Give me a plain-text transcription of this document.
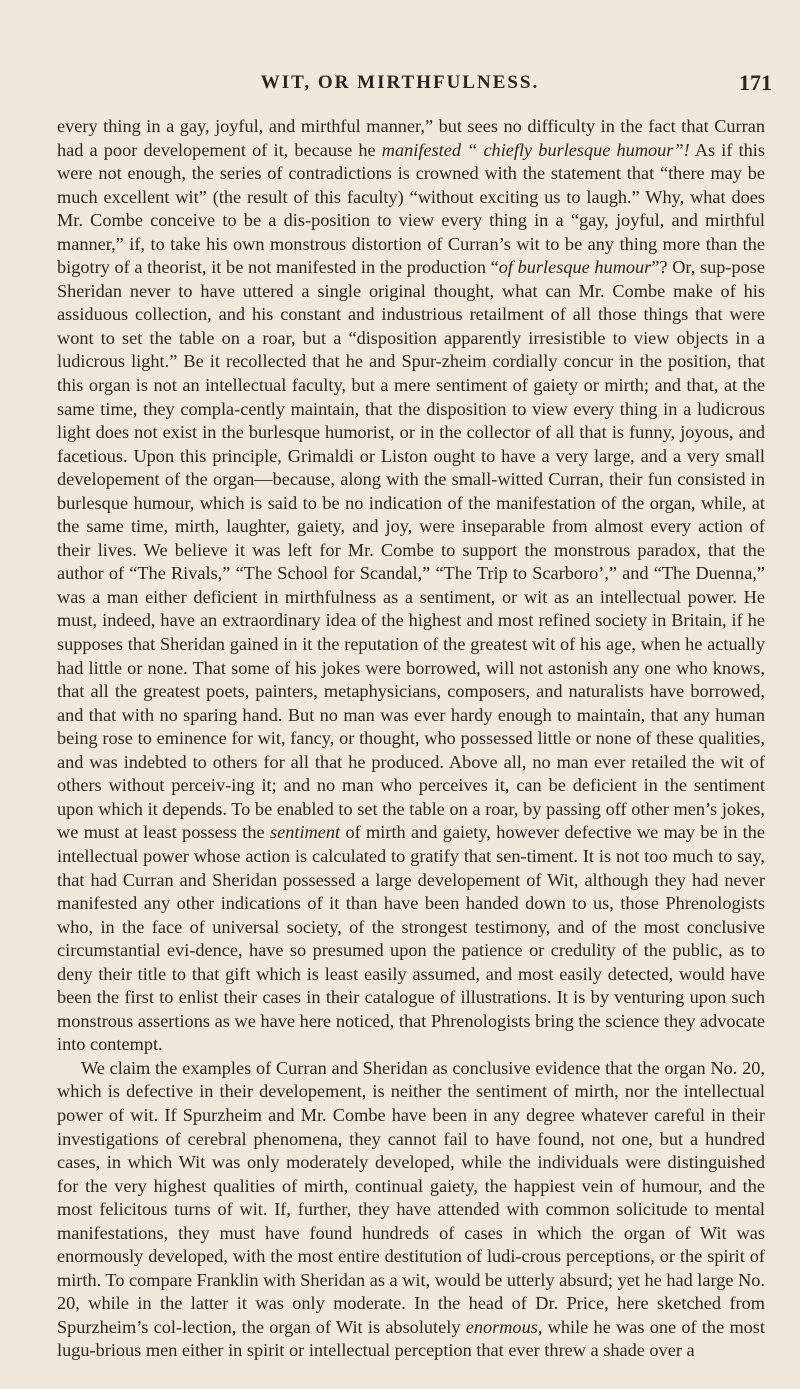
WIT, OR MIRTHFULNESS.	171

every thing in a gay, joyful, and mirthful manner,” but sees no difficulty in the fact that Curran had a poor developement of it, because he manifested “ chiefly burlesque humour”! As if this were not enough, the series of contradictions is crowned with the statement that “there may be much excellent wit” (the result of this faculty) “without exciting us to laugh.” Why, what does Mr. Combe conceive to be a dis-position to view every thing in a “gay, joyful, and mirthful manner,” if, to take his own monstrous distortion of Curran’s wit to be any thing more than the bigotry of a theorist, it be not manifested in the production “of burlesque humour”? Or, sup-pose Sheridan never to have uttered a single original thought, what can Mr. Combe make of his assiduous collection, and his constant and industrious retailment of all those things that were wont to set the table on a roar, but a “disposition apparently irresistible to view objects in a ludicrous light.” Be it recollected that he and Spur-zheim cordially concur in the position, that this organ is not an intellectual faculty, but a mere sentiment of gaiety or mirth; and that, at the same time, they compla-cently maintain, that the disposition to view every thing in a ludicrous light does not exist in the burlesque humorist, or in the collector of all that is funny, joyous, and facetious. Upon this principle, Grimaldi or Liston ought to have a very large, and a very small developement of the organ—because, along with the small-witted Curran, their fun consisted in burlesque humour, which is said to be no indication of the manifestation of the organ, while, at the same time, mirth, laughter, gaiety, and joy, were inseparable from almost every action of their lives. We believe it was left for Mr. Combe to support the monstrous paradox, that the author of “The Rivals,” “The School for Scandal,” “The Trip to Scarboro’,” and “The Duenna,” was a man either deficient in mirthfulness as a sentiment, or wit as an intellectual power. He must, indeed, have an extraordinary idea of the highest and most refined society in Britain, if he supposes that Sheridan gained in it the reputation of the greatest wit of his age, when he actually had little or none. That some of his jokes were borrowed, will not astonish any one who knows, that all the greatest poets, painters, metaphysicians, composers, and naturalists have borrowed, and that with no sparing hand. But no man was ever hardy enough to maintain, that any human being rose to eminence for wit, fancy, or thought, who possessed little or none of these qualities, and was indebted to others for all that he produced. Above all, no man ever retailed the wit of others without perceiv-ing it; and no man who perceives it, can be deficient in the sentiment upon which it depends. To be enabled to set the table on a roar, by passing off other men’s jokes, we must at least possess the sentiment of mirth and gaiety, however defective we may be in the intellectual power whose action is calculated to gratify that sen-timent. It is not too much to say, that had Curran and Sheridan possessed a large developement of Wit, although they had never manifested any other indications of it than have been handed down to us, those Phrenologists who, in the face of universal society, of the strongest testimony, and of the most conclusive circumstantial evi-dence, have so presumed upon the patience or credulity of the public, as to deny their title to that gift which is least easily assumed, and most easily detected, would have been the first to enlist their cases in their catalogue of illustrations. It is by venturing upon such monstrous assertions as we have here noticed, that Phrenologists bring the science they advocate into contempt.

We claim the examples of Curran and Sheridan as conclusive evidence that the organ No. 20, which is defective in their developement, is neither the sentiment of mirth, nor the intellectual power of wit. If Spurzheim and Mr. Combe have been in any degree whatever careful in their investigations of cerebral phenomena, they cannot fail to have found, not one, but a hundred cases, in which Wit was only moderately developed, while the individuals were distinguished for the very highest qualities of mirth, continual gaiety, the happiest vein of humour, and the most felicitous turns of wit. If, further, they have attended with common solicitude to mental manifestations, they must have found hundreds of cases in which the organ of Wit was enormously developed, with the most entire destitution of ludi-crous perceptions, or the spirit of mirth. To compare Franklin with Sheridan as a wit, would be utterly absurd; yet he had large No. 20, while in the latter it was only moderate. In the head of Dr. Price, here sketched from Spurzheim’s col-lection, the organ of Wit is absolutely enormous, while he was one of the most lugu-brious men either in spirit or intellectual perception that ever threw a shade over a
